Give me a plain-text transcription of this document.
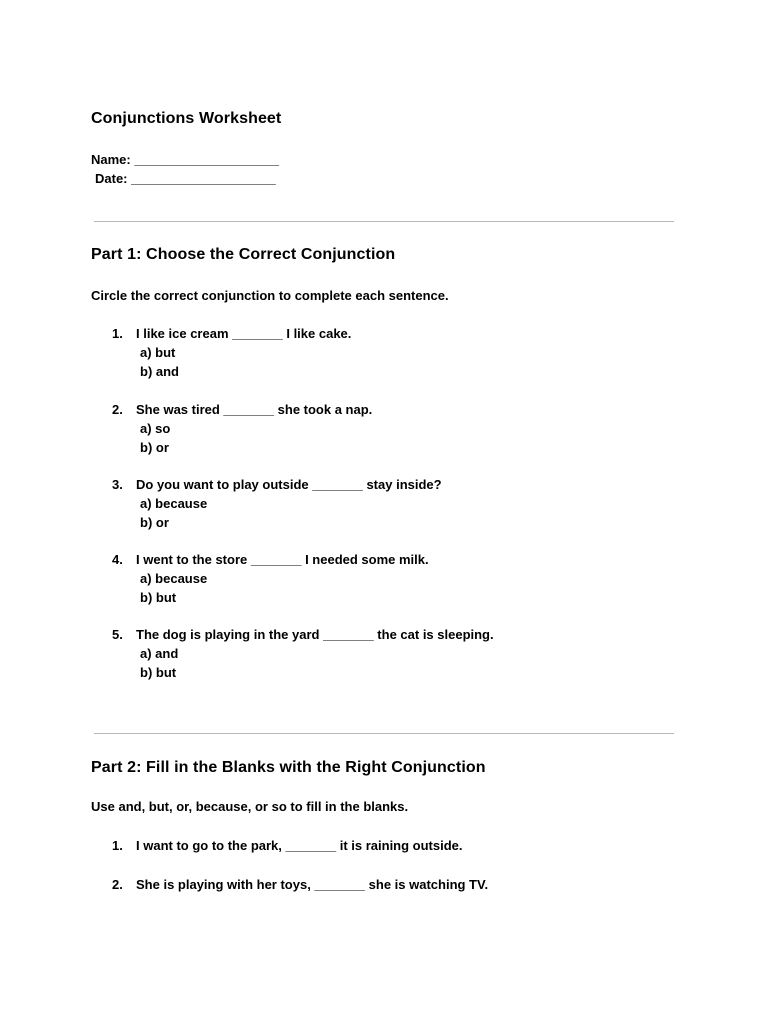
Conjunctions Worksheet
Name: ____________________
Date: ____________________
Part 1: Choose the Correct Conjunction
Circle the correct conjunction to complete each sentence.
1. I like ice cream _______ I like cake.
a) but
b) and
2. She was tired _______ she took a nap.
a) so
b) or
3. Do you want to play outside _______ stay inside?
a) because
b) or
4. I went to the store _______ I needed some milk.
a) because
b) but
5. The dog is playing in the yard _______ the cat is sleeping.
a) and
b) but
Part 2: Fill in the Blanks with the Right Conjunction
Use and, but, or, because, or so to fill in the blanks.
1. I want to go to the park, _______ it is raining outside.
2. She is playing with her toys, _______ she is watching TV.
